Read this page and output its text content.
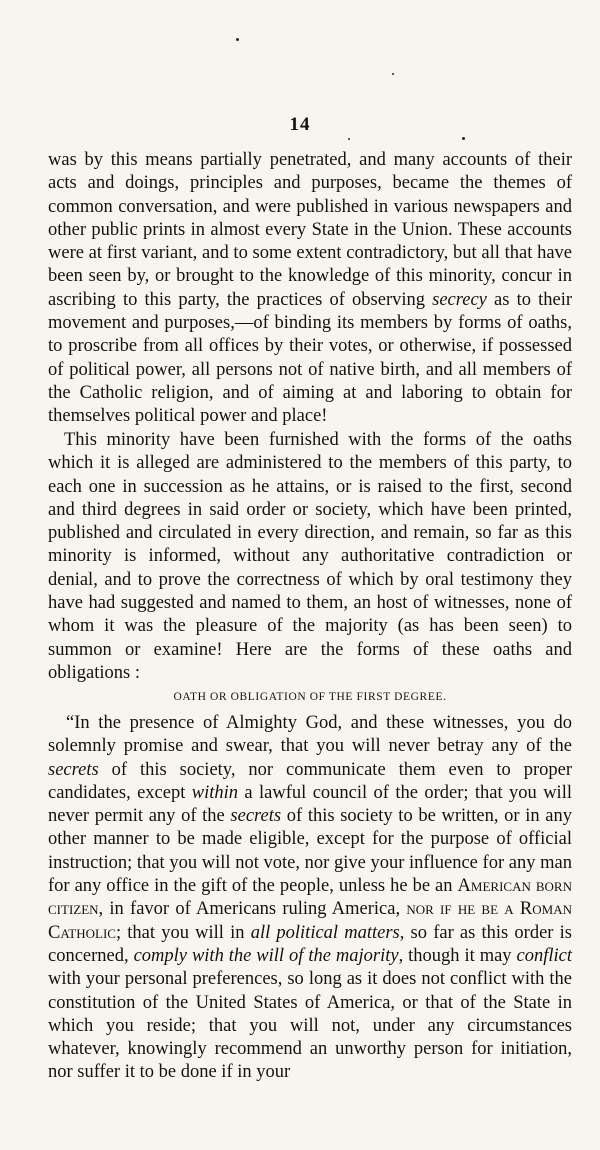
14
was by this means partially penetrated, and many accounts of their acts and doings, principles and purposes, became the themes of common conversation, and were published in various newspapers and other public prints in almost every State in the Union. These accounts were at first variant, and to some extent contradictory, but all that have been seen by, or brought to the knowledge of this minority, concur in ascribing to this party, the practices of observing secrecy as to their movement and purposes,—of binding its members by forms of oaths, to proscribe from all offices by their votes, or otherwise, if possessed of political power, all persons not of native birth, and all members of the Catholic religion, and of aiming at and laboring to obtain for themselves political power and place!
This minority have been furnished with the forms of the oaths which it is alleged are administered to the members of this party, to each one in succession as he attains, or is raised to the first, second and third degrees in said order or society, which have been printed, published and circulated in every direction, and remain, so far as this minority is informed, without any authoritative contradiction or denial, and to prove the correctness of which by oral testimony they have had suggested and named to them, an host of witnesses, none of whom it was the pleasure of the majority (as has been seen) to summon or examine! Here are the forms of these oaths and obligations :
OATH OR OBLIGATION OF THE FIRST DEGREE.
“In the presence of Almighty God, and these witnesses, you do solemnly promise and swear, that you will never betray any of the secrets of this society, nor communicate them even to proper candidates, except within a lawful council of the order; that you will never permit any of the secrets of this society to be written, or in any other manner to be made eligible, except for the purpose of official instruction; that you will not vote, nor give your influence for any man for any office in the gift of the people, unless he be an American born citizen, in favor of Americans ruling America, nor if he be a Roman Catholic; that you will in all political matters, so far as this order is concerned, comply with the will of the majority, though it may conflict with your personal preferences, so long as it does not conflict with the constitution of the United States of America, or that of the State in which you reside; that you will not, under any circumstances whatever, knowingly recommend an unworthy person for initiation, nor suffer it to be done if in your
